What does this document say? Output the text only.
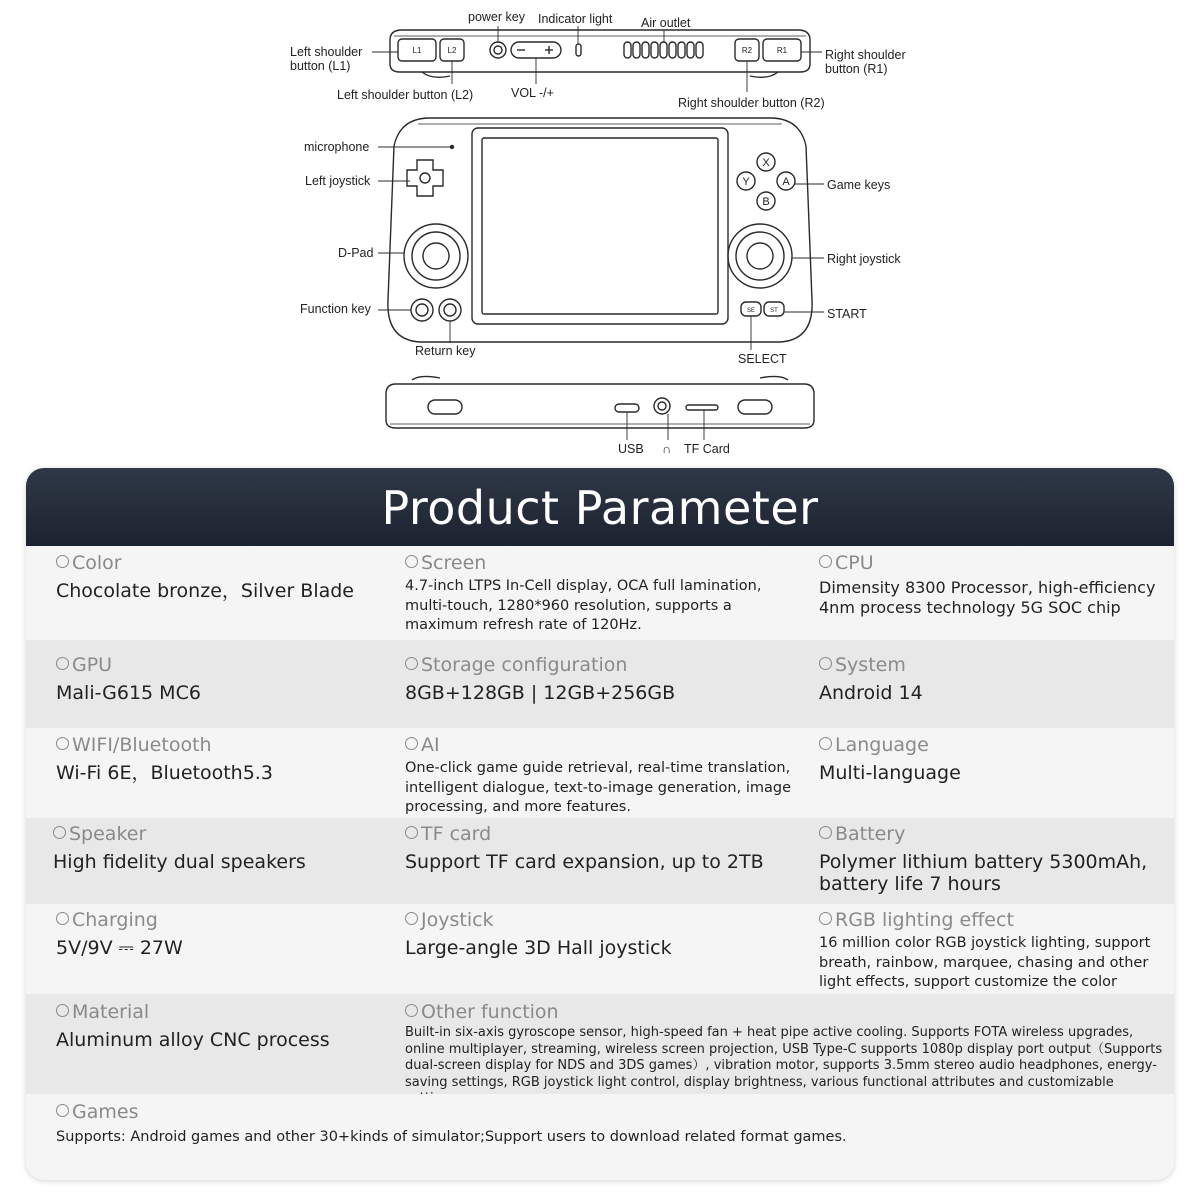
L1	L2	R2	R1
X
Y	A
B
SE	ST
power key Indicator light Air outlet
Left shoulder
button (L1)
Right shoulder
button (R1)
Left shoulder button (L2)	VOL -/+
Right shoulder button (R2)
microphone
Left joystick	Game keys
D-Pad	Right joystick
Function key	START
Return key
SELECT
USB ∩ TF Card
Product Parameter
Color
Chocolate bronze，Silver Blade
Screen
4.7-inch LTPS In-Cell display, OCA full lamination, multi-touch, 1280*960 resolution, supports a maximum refresh rate of 120Hz.
CPU
Dimensity 8300 Processor, high-efficiency 4nm process technology 5G SOC chip
GPU
Mali-G615 MC6
Storage configuration
8GB+128GB | 12GB+256GB
System
Android 14
WIFI/Bluetooth
Wi-Fi 6E，Bluetooth5.3
AI
One-click game guide retrieval, real-time translation, intelligent dialogue, text-to-image generation, image processing, and more features.
Language
Multi-language
Speaker
High fidelity dual speakers
TF card
Support TF card expansion, up to 2TB
Battery
Polymer lithium battery 5300mAh, battery life 7 hours
Charging
5V/9V ⎓ 27W
Joystick
Large-angle 3D Hall joystick
RGB lighting effect
16 million color RGB joystick lighting, support breath, rainbow, marquee, chasing and other light effects, support customize the color
Material
Aluminum alloy CNC process
Other function
Built-in six-axis gyroscope sensor, high-speed fan + heat pipe active cooling. Supports FOTA wireless upgrades, online multiplayer, streaming, wireless screen projection, USB Type-C supports 1080p display port output（Supports dual-screen display for NDS and 3DS games）, vibration motor, supports 3.5mm stereo audio headphones, energy-saving settings, RGB joystick light control, display brightness, various functional attributes and customizable
Games
Supports: Android games and other 30+kinds of simulator;Support users to download related format games.
